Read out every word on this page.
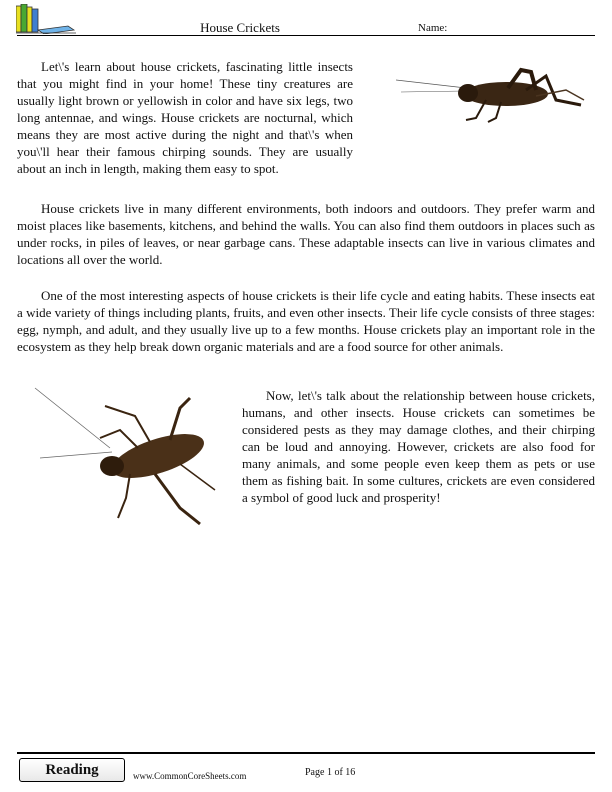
House Crickets	Name:
Let\'s learn about house crickets, fascinating little insects that you might find in your home! These tiny creatures are usually light brown or yellowish in color and have six legs, two long antennae, and wings. House crickets are nocturnal, which means they are most active during the night and that\'s when you\'ll hear their famous chirping sounds. They are usually about an inch in length, making them easy to spot.
House crickets live in many different environments, both indoors and outdoors. They prefer warm and moist places like basements, kitchens, and behind the walls. You can also find them outdoors in places such as under rocks, in piles of leaves, or near garbage cans. These adaptable insects can live in various climates and locations all over the world.
One of the most interesting aspects of house crickets is their life cycle and eating habits. These insects eat a wide variety of things including plants, fruits, and even other insects. Their life cycle consists of three stages: egg, nymph, and adult, and they usually live up to a few months. House crickets play an important role in the ecosystem as they help break down organic materials and are a food source for other animals.
Now, let\'s talk about the relationship between house crickets, humans, and other insects. House crickets can sometimes be considered pests as they may damage clothes, and their chirping can be loud and annoying. However, crickets are also food for many animals, and some people even keep them as pets or use them as fishing bait. In some cultures, crickets are even considered a symbol of good luck and prosperity!
Reading	www.CommonCoreSheets.com	Page 1 of 16
